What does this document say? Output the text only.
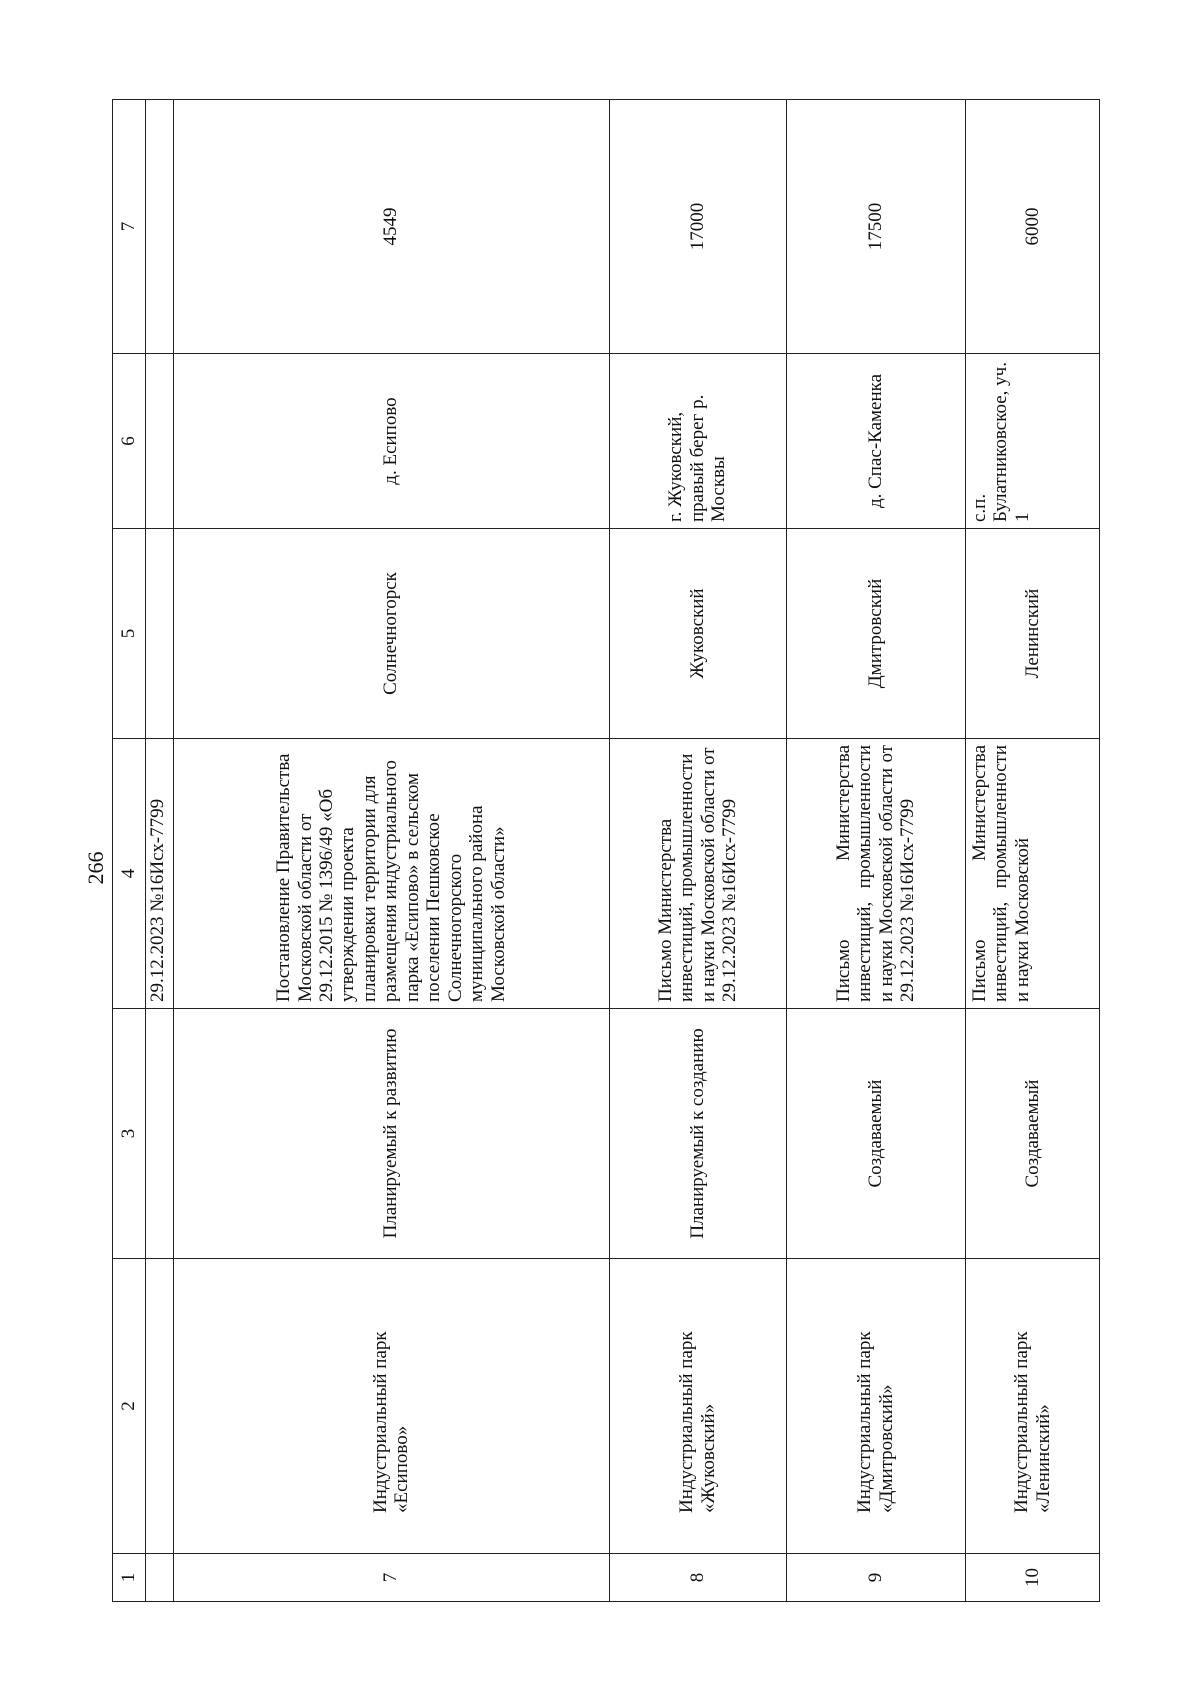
266
1	2	3	4	5	6	7
			29.12.2023 №16Исх-7799			
7	Индустриальный парк «Есипово»	Планируемый к развитию	Постановление Правительства Московской области от 29.12.2015 № 1396/49 «Об утверждении проекта планировки территории для размещения индустриального парка «Есипово» в сельском поселении Пешковское Солнечногорского муниципального района Московской области»	Солнечногорск	д. Есипово	4549
8	Индустриальный парк «Жуковский»	Планируемый к созданию	Письмо Министерства инвестиций, промышленности и науки Московской области от 29.12.2023 №16Исх-7799	Жуковский	г. Жуковский, правый берег р. Москвы	17000
9	Индустриальный парк «Дмитровский»	Создаваемый	Письмо Министерства инвестиций, промышленности и науки Московской области от 29.12.2023 №16Исх-7799	Дмитровский	д. Спас-Каменка	17500
10	Индустриальный парк «Ленинский»	Создаваемый	Письмо Министерства инвестиций, промышленности и науки Московской	Ленинский	с.п. Булатниковское, уч. 1	6000
